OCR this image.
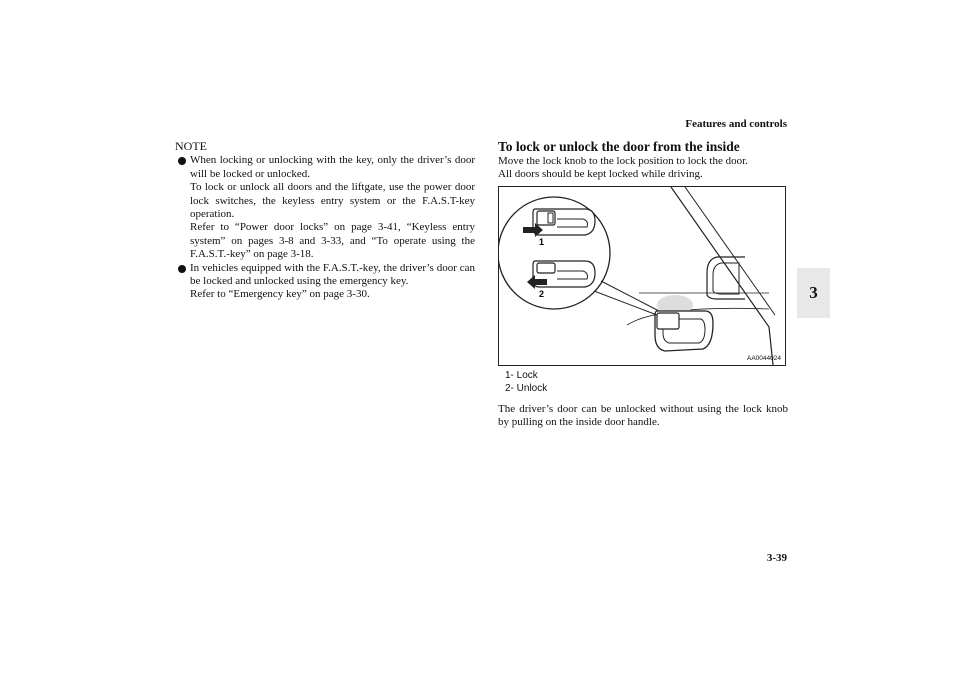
Features and controls
3
NOTE

When locking or unlocking with the key, only the driver’s door will be locked or unlocked.

To lock or unlock all doors and the liftgate, use the power door lock switches, the keyless entry system or the F.A.S.T-key operation.

Refer to “Power door locks” on page 3-41, “Keyless entry system” on pages 3-8 and 3-33, and “To operate using the F.A.S.T.-key” on page 3-18.

In vehicles equipped with the F.A.S.T.-key, the driver’s door can be locked and unlocked using the emergency key.

Refer to “Emergency key” on page 3-30.

To lock or unlock the door from the inside

Move the lock knob to the lock position to lock the door.

All doors should be kept locked while driving.

1
2
AA0044024
1- Lock
2- Unlock
The driver’s door can be unlocked without using the lock knob by pulling on the inside door handle.
3-39
